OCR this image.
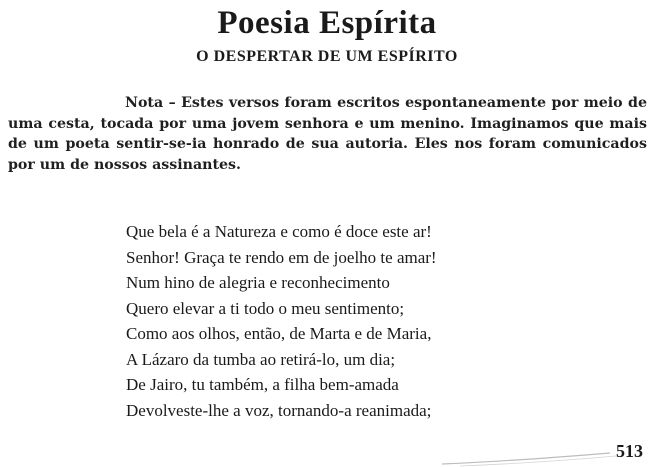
Poesia Espírita
O DESPERTAR DE UM ESPÍRITO
Nota – Estes versos foram escritos espontaneamente por meio de
uma cesta, tocada por uma jovem senhora e um menino. Imaginamos que mais
de um poeta sentir-se-ia honrado de sua autoria. Eles nos foram comunicados
por um de nossos assinantes.
Que bela é a Natureza e como é doce este ar!
Senhor! Graça te rendo em de joelho te amar!
Num hino de alegria e reconhecimento
Quero elevar a ti todo o meu sentimento;
Como aos olhos, então, de Marta e de Maria,
A Lázaro da tumba ao retirá-lo, um dia;
De Jairo, tu também, a filha bem-amada
Devolveste-lhe a voz, tornando-a reanimada;
513
